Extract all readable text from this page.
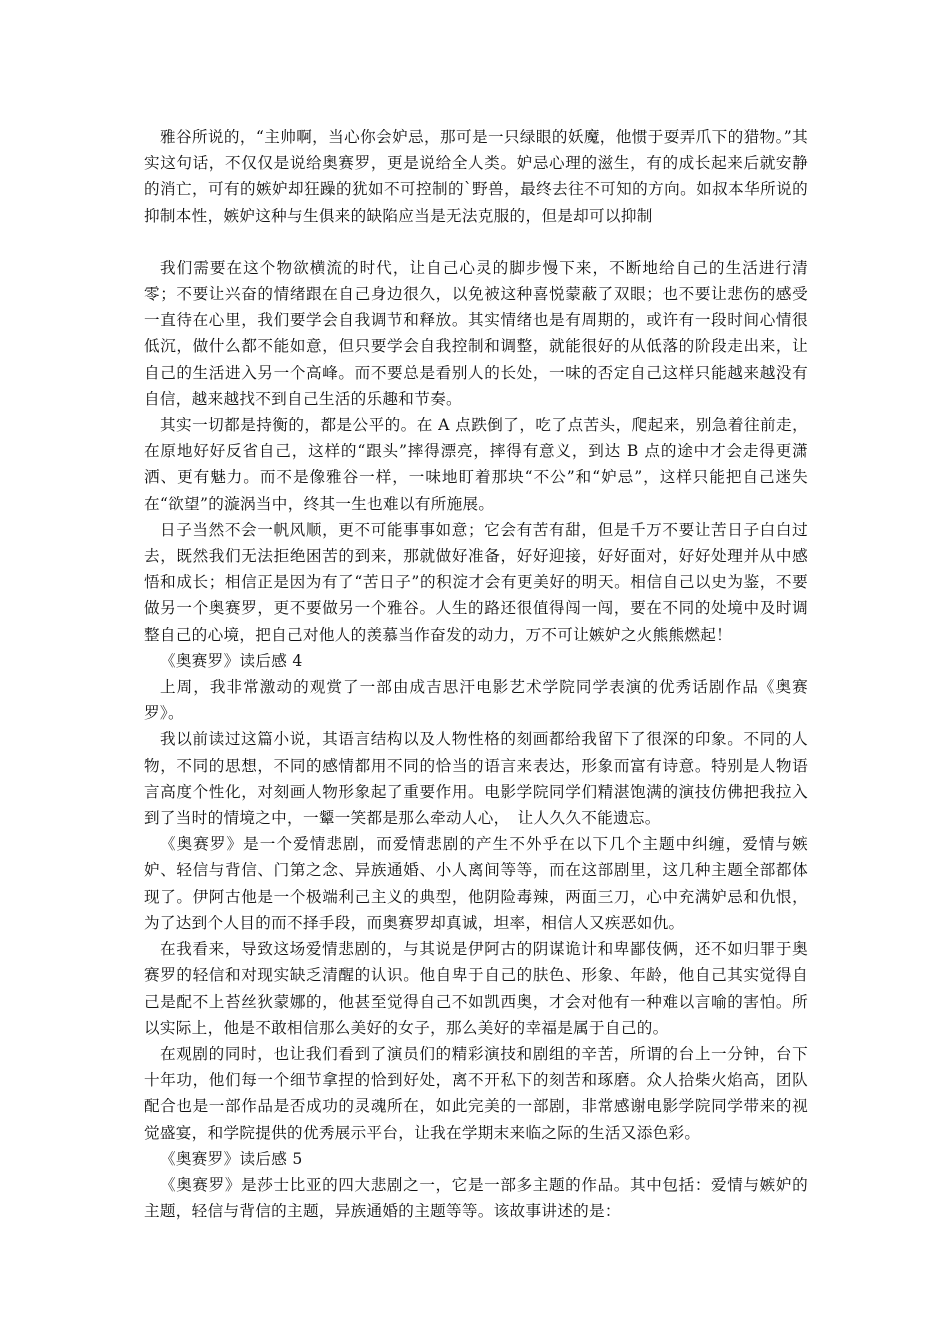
雅谷所说的，“主帅啊，当心你会妒忌，那可是一只绿眼的妖魔，他惯于耍弄爪下的猎物。”其实这句话，不仅仅是说给奥赛罗，更是说给全人类。妒忌心理的滋生，有的成长起来后就安静的消亡，可有的嫉妒却狂躁的犹如不可控制的`野兽，最终去往不可知的方向。如叔本华所说的抑制本性，嫉妒这种与生俱来的缺陷应当是无法克服的，但是却可以抑制

我们需要在这个物欲横流的时代，让自己心灵的脚步慢下来，不断地给自己的生活进行清零；不要让兴奋的情绪跟在自己身边很久，以免被这种喜悦蒙蔽了双眼；也不要让悲伤的感受一直待在心里，我们要学会自我调节和释放。其实情绪也是有周期的，或许有一段时间心情很低沉，做什么都不能如意，但只要学会自我控制和调整，就能很好的从低落的阶段走出来，让自己的生活进入另一个高峰。而不要总是看别人的长处，一味的否定自己这样只能越来越没有自信，越来越找不到自己生活的乐趣和节奏。

其实一切都是持衡的，都是公平的。在 A 点跌倒了，吃了点苦头，爬起来，别急着往前走，在原地好好反省自己，这样的“跟头”摔得漂亮，摔得有意义，到达 B 点的途中才会走得更潇洒、更有魅力。而不是像雅谷一样，一味地盯着那块“不公”和“妒忌”，这样只能把自己迷失在“欲望”的漩涡当中，终其一生也难以有所施展。

日子当然不会一帆风顺，更不可能事事如意；它会有苦有甜，但是千万不要让苦日子白白过去，既然我们无法拒绝困苦的到来，那就做好准备，好好迎接，好好面对，好好处理并从中感悟和成长；相信正是因为有了“苦日子”的积淀才会有更美好的明天。相信自己以史为鉴，不要做另一个奥赛罗，更不要做另一个雅谷。人生的路还很值得闯一闯，要在不同的处境中及时调整自己的心境，把自己对他人的羡慕当作奋发的动力，万不可让嫉妒之火熊熊燃起！

《奥赛罗》读后感 4

上周，我非常激动的观赏了一部由成吉思汗电影艺术学院同学表演的优秀话剧作品《奥赛罗》。

我以前读过这篇小说，其语言结构以及人物性格的刻画都给我留下了很深的印象。不同的人物，不同的思想，不同的感情都用不同的恰当的语言来表达，形象而富有诗意。特别是人物语言高度个性化，对刻画人物形象起了重要作用。电影学院同学们精湛饱满的演技仿佛把我拉入到了当时的情境之中，一颦一笑都是那么牵动人心，　让人久久不能遗忘。

《奥赛罗》是一个爱情悲剧，而爱情悲剧的产生不外乎在以下几个主题中纠缠，爱情与嫉妒、轻信与背信、门第之念、异族通婚、小人离间等等，而在这部剧里，这几种主题全部都体现了。伊阿古他是一个极端利己主义的典型，他阴险毒辣，两面三刀，心中充满妒忌和仇恨，为了达到个人目的而不择手段，而奥赛罗却真诚，坦率，相信人又疾恶如仇。

在我看来，导致这场爱情悲剧的，与其说是伊阿古的阴谋诡计和卑鄙伎俩，还不如归罪于奥赛罗的轻信和对现实缺乏清醒的认识。他自卑于自己的肤色、形象、年龄，他自己其实觉得自己是配不上苔丝狄蒙娜的，他甚至觉得自己不如凯西奥，才会对他有一种难以言喻的害怕。所以实际上，他是不敢相信那么美好的女子，那么美好的幸福是属于自己的。

在观剧的同时，也让我们看到了演员们的精彩演技和剧组的辛苦，所谓的台上一分钟，台下十年功，他们每一个细节拿捏的恰到好处，离不开私下的刻苦和琢磨。众人拾柴火焰高，团队配合也是一部作品是否成功的灵魂所在，如此完美的一部剧，非常感谢电影学院同学带来的视觉盛宴，和学院提供的优秀展示平台，让我在学期末来临之际的生活又添色彩。

《奥赛罗》读后感 5

《奥赛罗》是莎士比亚的四大悲剧之一，它是一部多主题的作品。其中包括：爱情与嫉妒的主题，轻信与背信的主题，异族通婚的主题等等。该故事讲述的是：
